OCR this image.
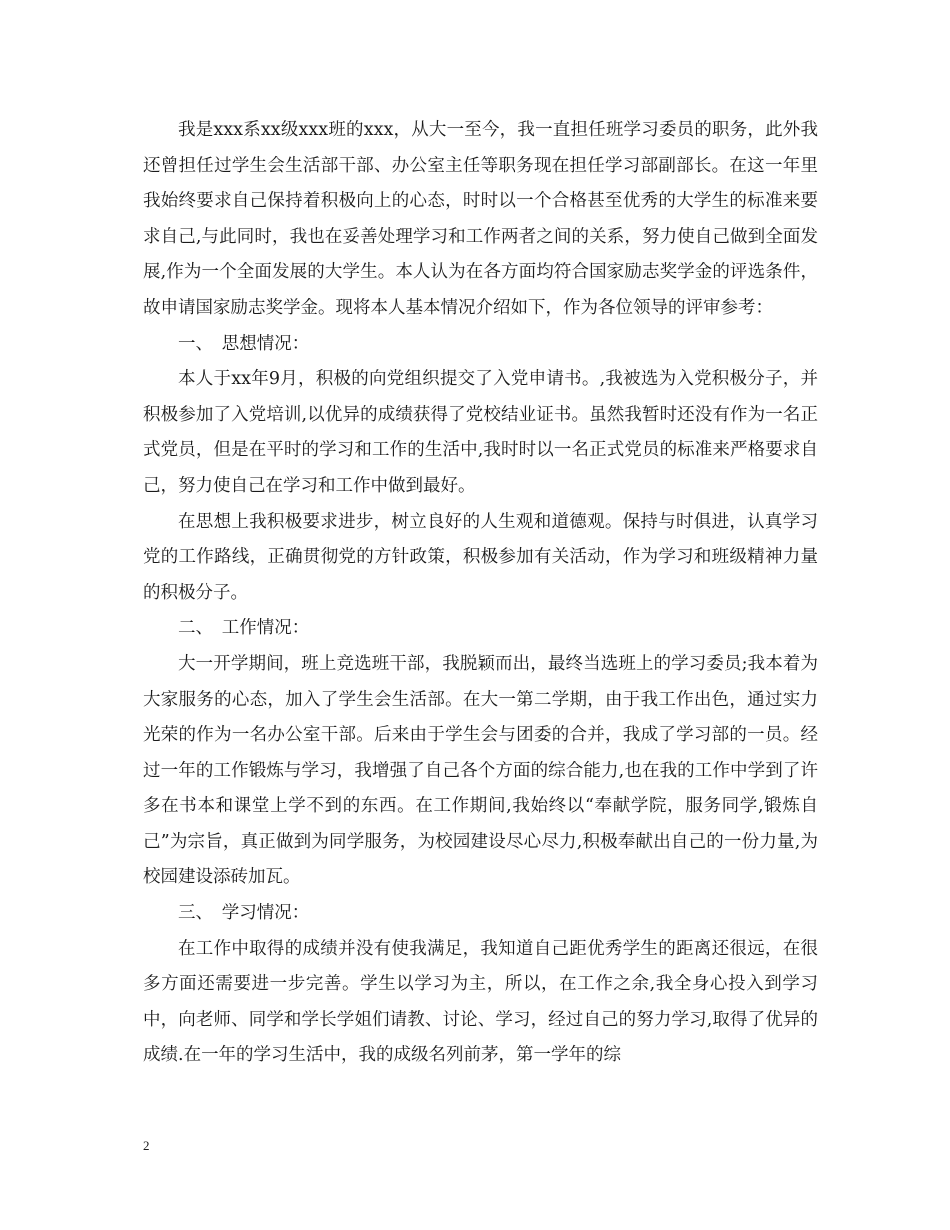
我是xxx系xx级xxx班的xxx，从大一至今，我一直担任班学习委员的职务，此外我还曾担任过学生会生活部干部、办公室主任等职务现在担任学习部副部长。在这一年里我始终要求自己保持着积极向上的心态，时时以一个合格甚至优秀的大学生的标准来要求自己,与此同时，我也在妥善处理学习和工作两者之间的关系，努力使自己做到全面发展,作为一个全面发展的大学生。本人认为在各方面均符合国家励志奖学金的评选条件，故申请国家励志奖学金。现将本人基本情况介绍如下，作为各位领导的评审参考：

一、　思想情况：

本人于xx年9月，积极的向党组织提交了入党申请书。,我被选为入党积极分子，并积极参加了入党培训,以优异的成绩获得了党校结业证书。虽然我暂时还没有作为一名正式党员，但是在平时的学习和工作的生活中,我时时以一名正式党员的标准来严格要求自己，努力使自己在学习和工作中做到最好。

在思想上我积极要求进步，树立良好的人生观和道德观。保持与时俱进，认真学习党的工作路线，正确贯彻党的方针政策，积极参加有关活动，作为学习和班级精神力量的积极分子。

二、　工作情况：

大一开学期间，班上竞选班干部，我脱颖而出，最终当选班上的学习委员;我本着为大家服务的心态，加入了学生会生活部。在大一第二学期，由于我工作出色，通过实力光荣的作为一名办公室干部。后来由于学生会与团委的合并，我成了学习部的一员。经过一年的工作锻炼与学习，我增强了自己各个方面的综合能力,也在我的工作中学到了许多在书本和课堂上学不到的东西。在工作期间,我始终以“奉献学院，服务同学,锻炼自己”为宗旨，真正做到为同学服务，为校园建设尽心尽力,积极奉献出自己的一份力量,为校园建设添砖加瓦。

三、　学习情况：

在工作中取得的成绩并没有使我满足，我知道自己距优秀学生的距离还很远，在很多方面还需要进一步完善。学生以学习为主，所以，在工作之余,我全身心投入到学习中，向老师、同学和学长学姐们请教、讨论、学习，经过自己的努力学习,取得了优异的成绩.在一年的学习生活中，我的成级名列前茅，第一学年的综

2
